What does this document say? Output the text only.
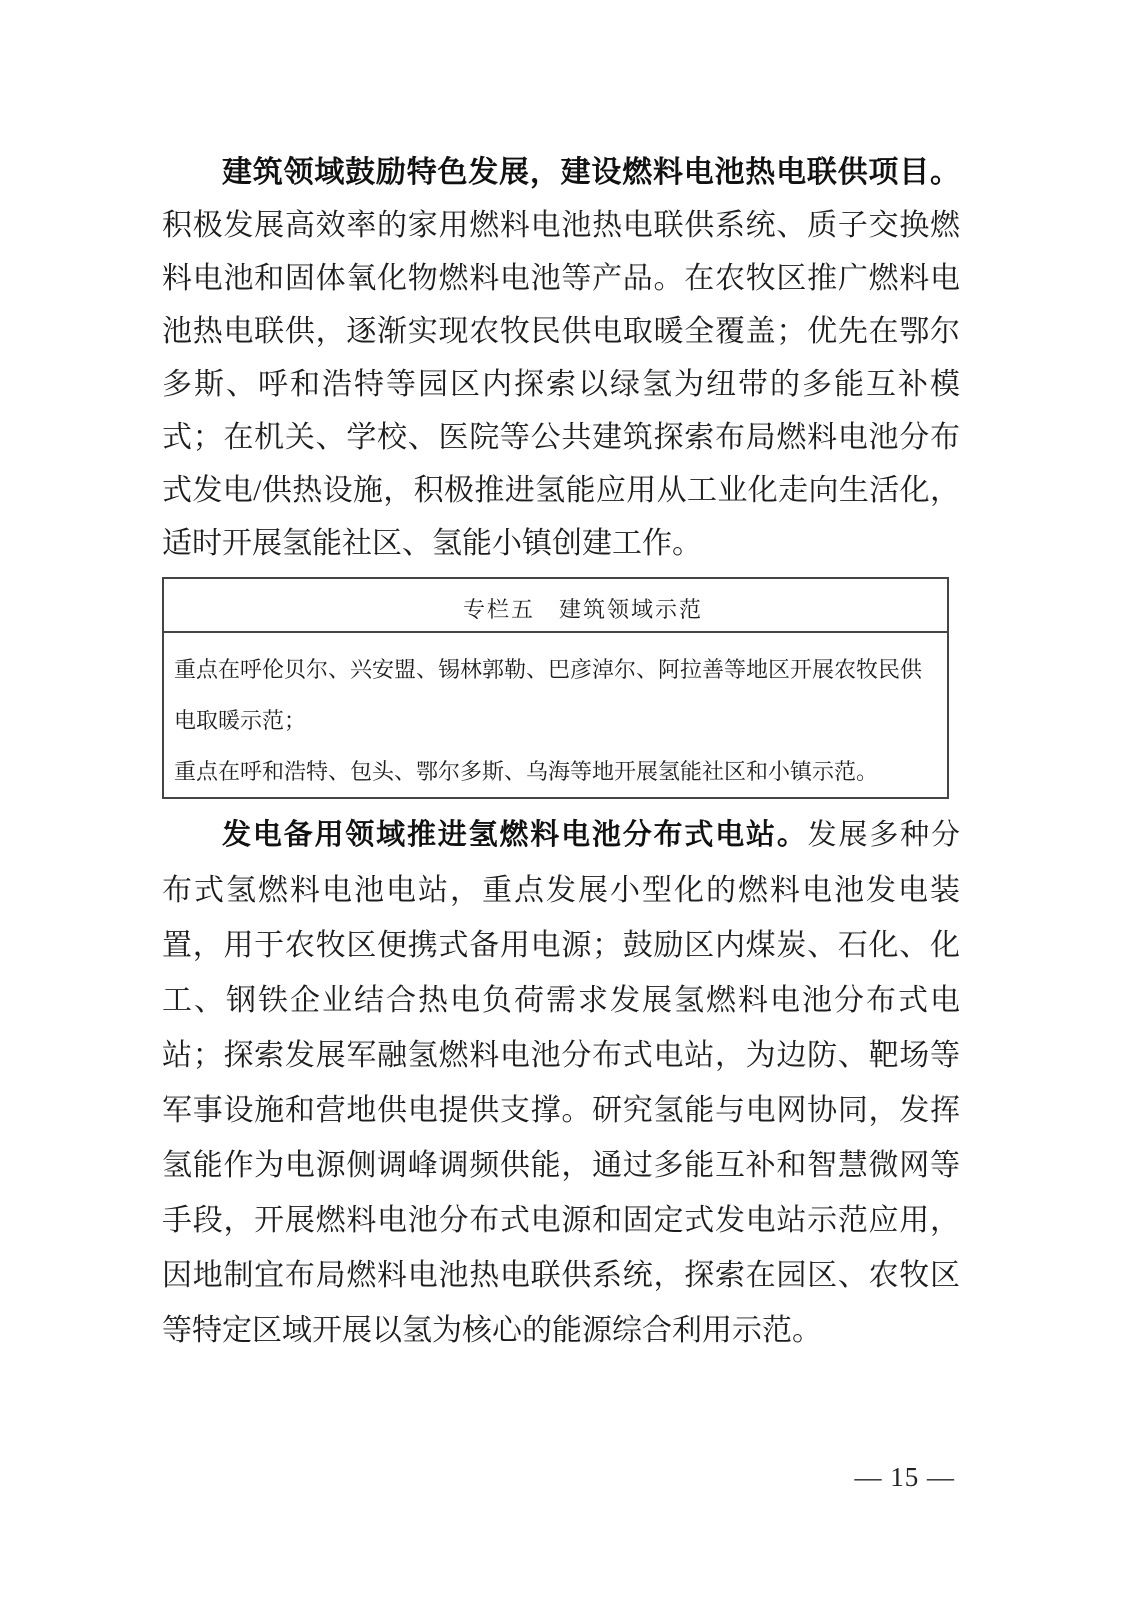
建筑领域鼓励特色发展，建设燃料电池热电联供项目。
积极发展高效率的家用燃料电池热电联供系统、质子交换燃
料电池和固体氧化物燃料电池等产品。在农牧区推广燃料电
池热电联供，逐渐实现农牧民供电取暖全覆盖；优先在鄂尔
多斯、呼和浩特等园区内探索以绿氢为纽带的多能互补模
式；在机关、学校、医院等公共建筑探索布局燃料电池分布
式发电/供热设施，积极推进氢能应用从工业化走向生活化，
适时开展氢能社区、氢能小镇创建工作。
专栏五　建筑领域示范
重点在呼伦贝尔、兴安盟、锡林郭勒、巴彦淖尔、阿拉善等地区开展农牧民供
电取暖示范；
重点在呼和浩特、包头、鄂尔多斯、乌海等地开展氢能社区和小镇示范。
发电备用领域推进氢燃料电池分布式电站。发展多种分
布式氢燃料电池电站，重点发展小型化的燃料电池发电装
置，用于农牧区便携式备用电源；鼓励区内煤炭、石化、化
工、钢铁企业结合热电负荷需求发展氢燃料电池分布式电
站；探索发展军融氢燃料电池分布式电站，为边防、靶场等
军事设施和营地供电提供支撑。研究氢能与电网协同，发挥
氢能作为电源侧调峰调频供能，通过多能互补和智慧微网等
手段，开展燃料电池分布式电源和固定式发电站示范应用，
因地制宜布局燃料电池热电联供系统，探索在园区、农牧区
等特定区域开展以氢为核心的能源综合利用示范。
— 15 —
